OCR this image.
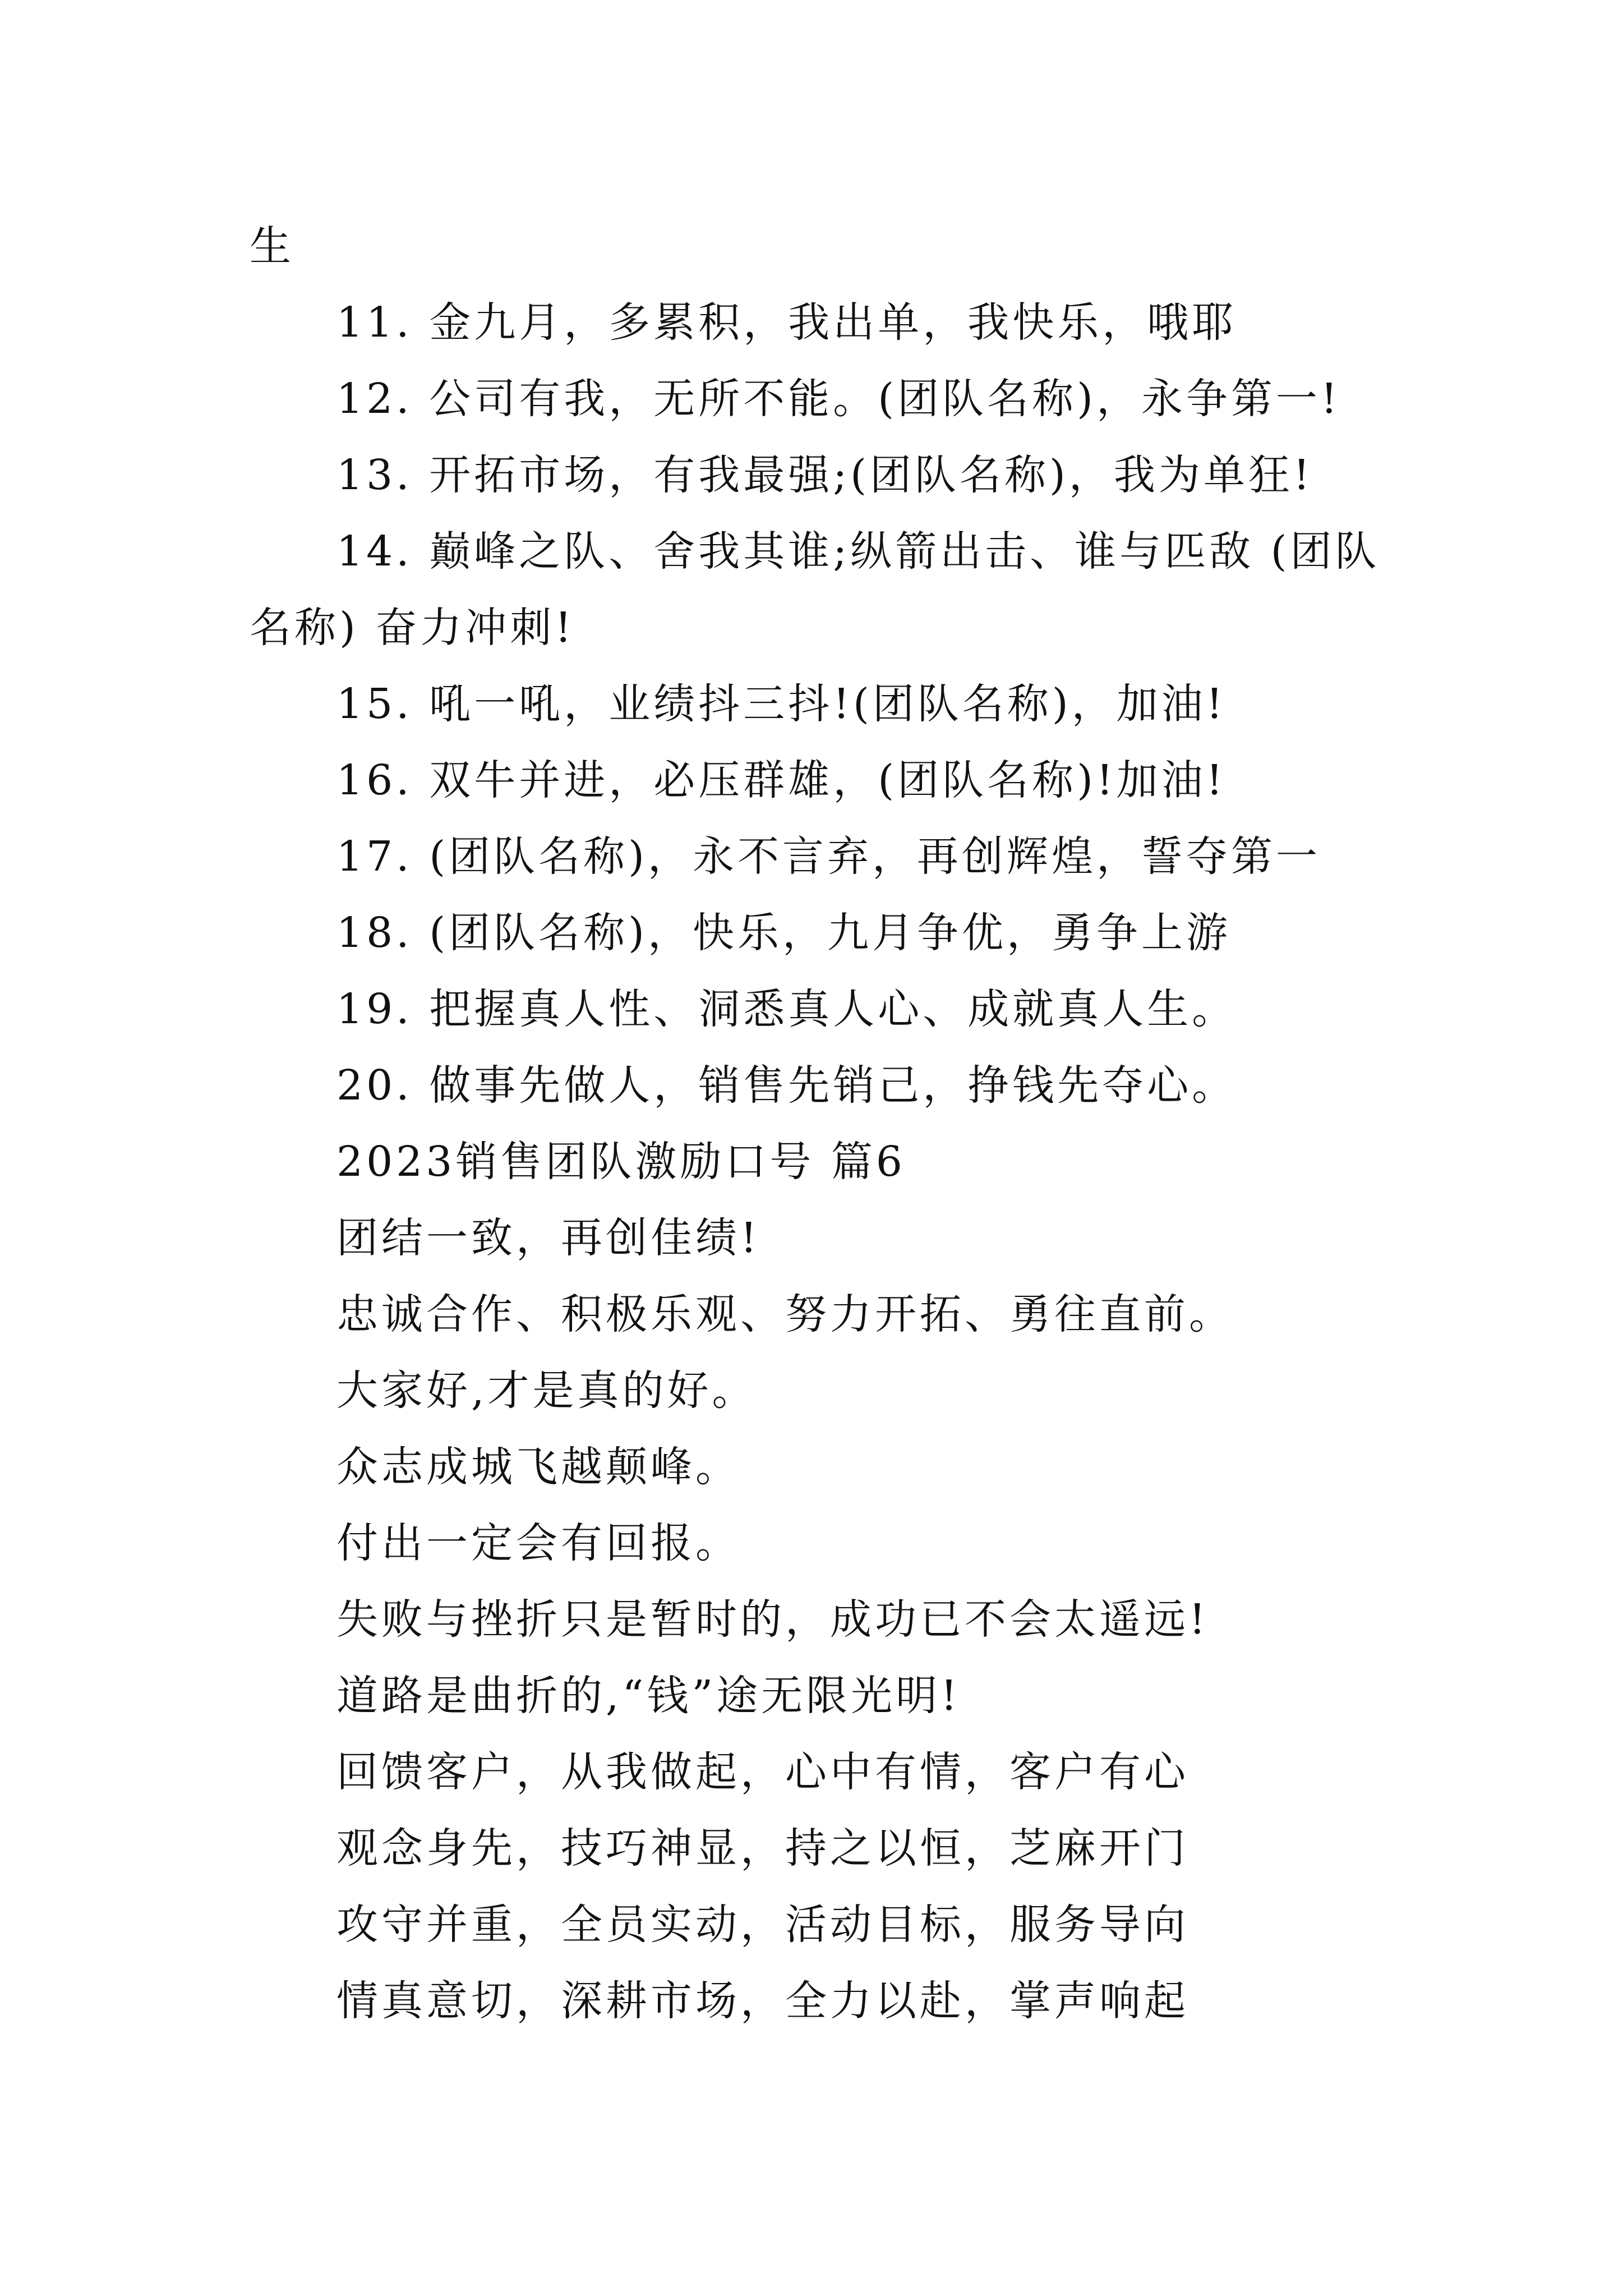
生
11. 金九月，多累积，我出单，我快乐，哦耶
12. 公司有我，无所不能。(团队名称)，永争第一!
13. 开拓市场，有我最强;(团队名称)，我为单狂!
14. 巅峰之队、舍我其谁;纵箭出击、谁与匹敌 (团队
名称) 奋力冲刺!
15. 吼一吼，业绩抖三抖!(团队名称)，加油!
16. 双牛并进，必压群雄，(团队名称)!加油!
17. (团队名称)，永不言弃，再创辉煌，誓夺第一
18. (团队名称)，快乐，九月争优，勇争上游
19. 把握真人性、洞悉真人心、成就真人生。
20. 做事先做人，销售先销己，挣钱先夺心。
2023销售团队激励口号 篇6
团结一致，再创佳绩!
忠诚合作、积极乐观、努力开拓、勇往直前。
大家好,才是真的好。
众志成城飞越颠峰。
付出一定会有回报。
失败与挫折只是暂时的，成功已不会太遥远!
道路是曲折的,“钱”途无限光明!
回馈客户，从我做起，心中有情，客户有心
观念身先，技巧神显，持之以恒，芝麻开门
攻守并重，全员实动，活动目标，服务导向
情真意切，深耕市场，全力以赴，掌声响起
